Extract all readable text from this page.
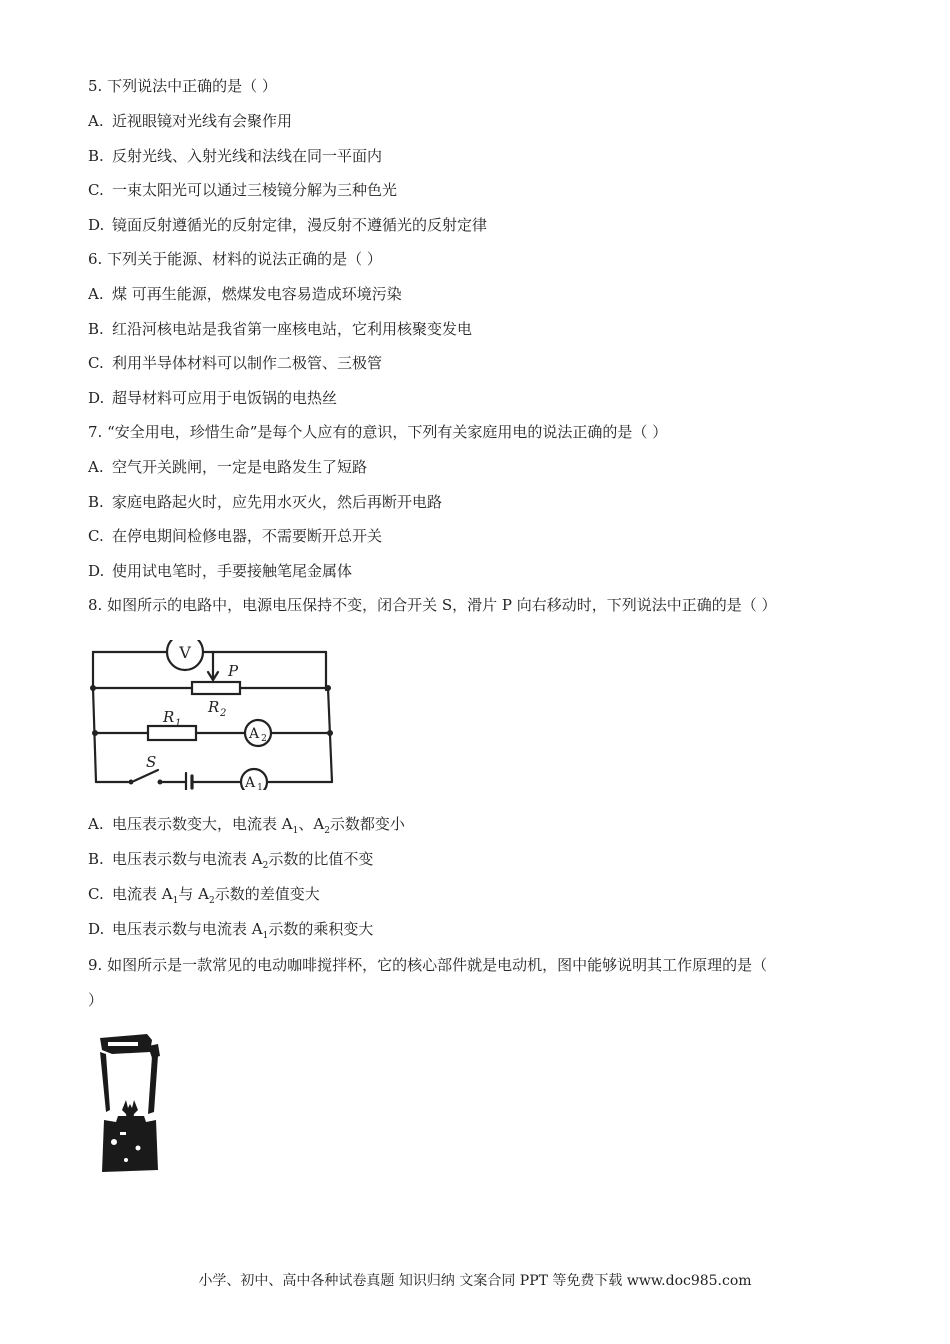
5. 下列说法中正确的是（ ）
A. 近视眼镜对光线有会聚作用
B. 反射光线、入射光线和法线在同一平面内
C. 一束太阳光可以通过三棱镜分解为三种色光
D. 镜面反射遵循光的反射定律，漫反射不遵循光的反射定律
6. 下列关于能源、材料的说法正确的是（ ）
A. 煤 可再生能源，燃煤发电容易造成环境污染
B. 红沿河核电站是我省第一座核电站，它利用核聚变发电
C. 利用半导体材料可以制作二极管、三极管
D. 超导材料可应用于电饭锅的电热丝
7. “安全用电，珍惜生命”是每个人应有的意识，下列有关家庭用电的说法正确的是（ ）
A. 空气开关跳闸，一定是电路发生了短路
B. 家庭电路起火时，应先用水灭火，然后再断开电路
C. 在停电期间检修电器，不需要断开总开关
D. 使用试电笔时，手要接触笔尾金属体
8. 如图所示的电路中，电源电压保持不变，闭合开关 S，滑片 P 向右移动时，下列说法中正确的是（ ）
V
A 2
A 1
P
R 2
R 1
S
A. 电压表示数变大，电流表 $A_1$、$A_2$示数都变小
B. 电压表示数与电流表 $A_2$示数的比值不变
C. 电流表 $A_1$与 $A_2$示数的差值变大
D. 电压表示数与电流表 $A_1$示数的乘积变大
9. 如图所示是一款常见的电动咖啡搅拌杯，它的核心部件就是电动机，图中能够说明其工作原理的是（
）
小学、初中、高中各种试卷真题 知识归纳 文案合同 PPT 等免费下载 www.doc985.com
